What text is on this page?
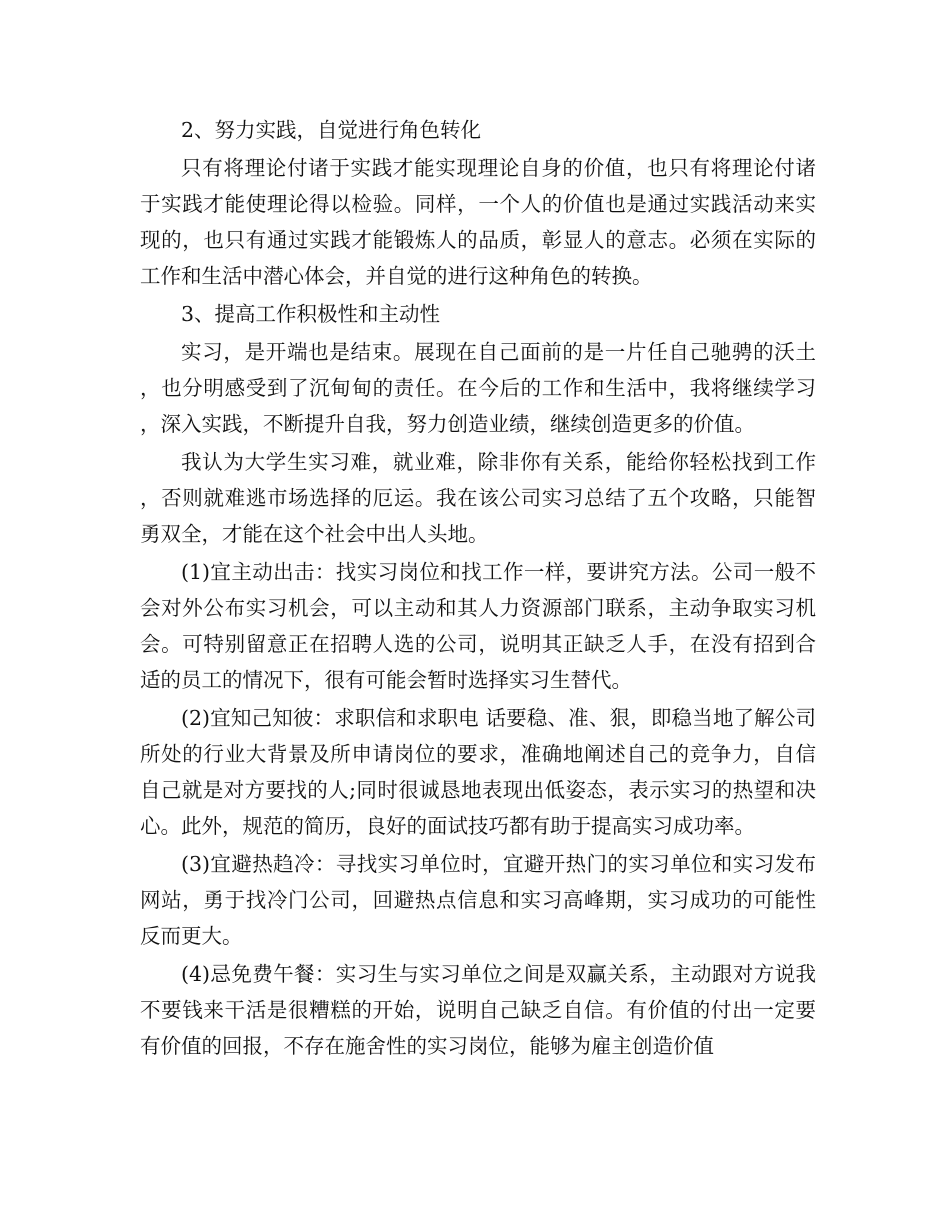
2、努力实践，自觉进行角色转化

只有将理论付诸于实践才能实现理论自身的价值，也只有将理论付诸于实践才能使理论得以检验。同样，一个人的价值也是通过实践活动来实现的，也只有通过实践才能锻炼人的品质，彰显人的意志。必须在实际的工作和生活中潜心体会，并自觉的进行这种角色的转换。

3、提高工作积极性和主动性

实习，是开端也是结束。展现在自己面前的是一片任自己驰骋的沃土，也分明感受到了沉甸甸的责任。在今后的工作和生活中，我将继续学习，深入实践，不断提升自我，努力创造业绩，继续创造更多的价值。

我认为大学生实习难，就业难，除非你有关系，能给你轻松找到工作，否则就难逃市场选择的厄运。我在该公司实习总结了五个攻略，只能智勇双全，才能在这个社会中出人头地。

(1)宜主动出击：找实习岗位和找工作一样，要讲究方法。公司一般不会对外公布实习机会，可以主动和其人力资源部门联系，主动争取实习机会。可特别留意正在招聘人选的公司，说明其正缺乏人手，在没有招到合适的员工的情况下，很有可能会暂时选择实习生替代。

(2)宜知己知彼：求职信和求职电 话要稳、准、狠，即稳当地了解公司所处的行业大背景及所申请岗位的要求，准确地阐述自己的竞争力，自信自己就是对方要找的人;同时很诚恳地表现出低姿态，表示实习的热望和决心。此外，规范的简历，良好的面试技巧都有助于提高实习成功率。

(3)宜避热趋冷：寻找实习单位时，宜避开热门的实习单位和实习发布网站，勇于找冷门公司，回避热点信息和实习高峰期，实习成功的可能性反而更大。

(4)忌免费午餐：实习生与实习单位之间是双赢关系，主动跟对方说我不要钱来干活是很糟糕的开始，说明自己缺乏自信。有价值的付出一定要有价值的回报，不存在施舍性的实习岗位，能够为雇主创造价值
